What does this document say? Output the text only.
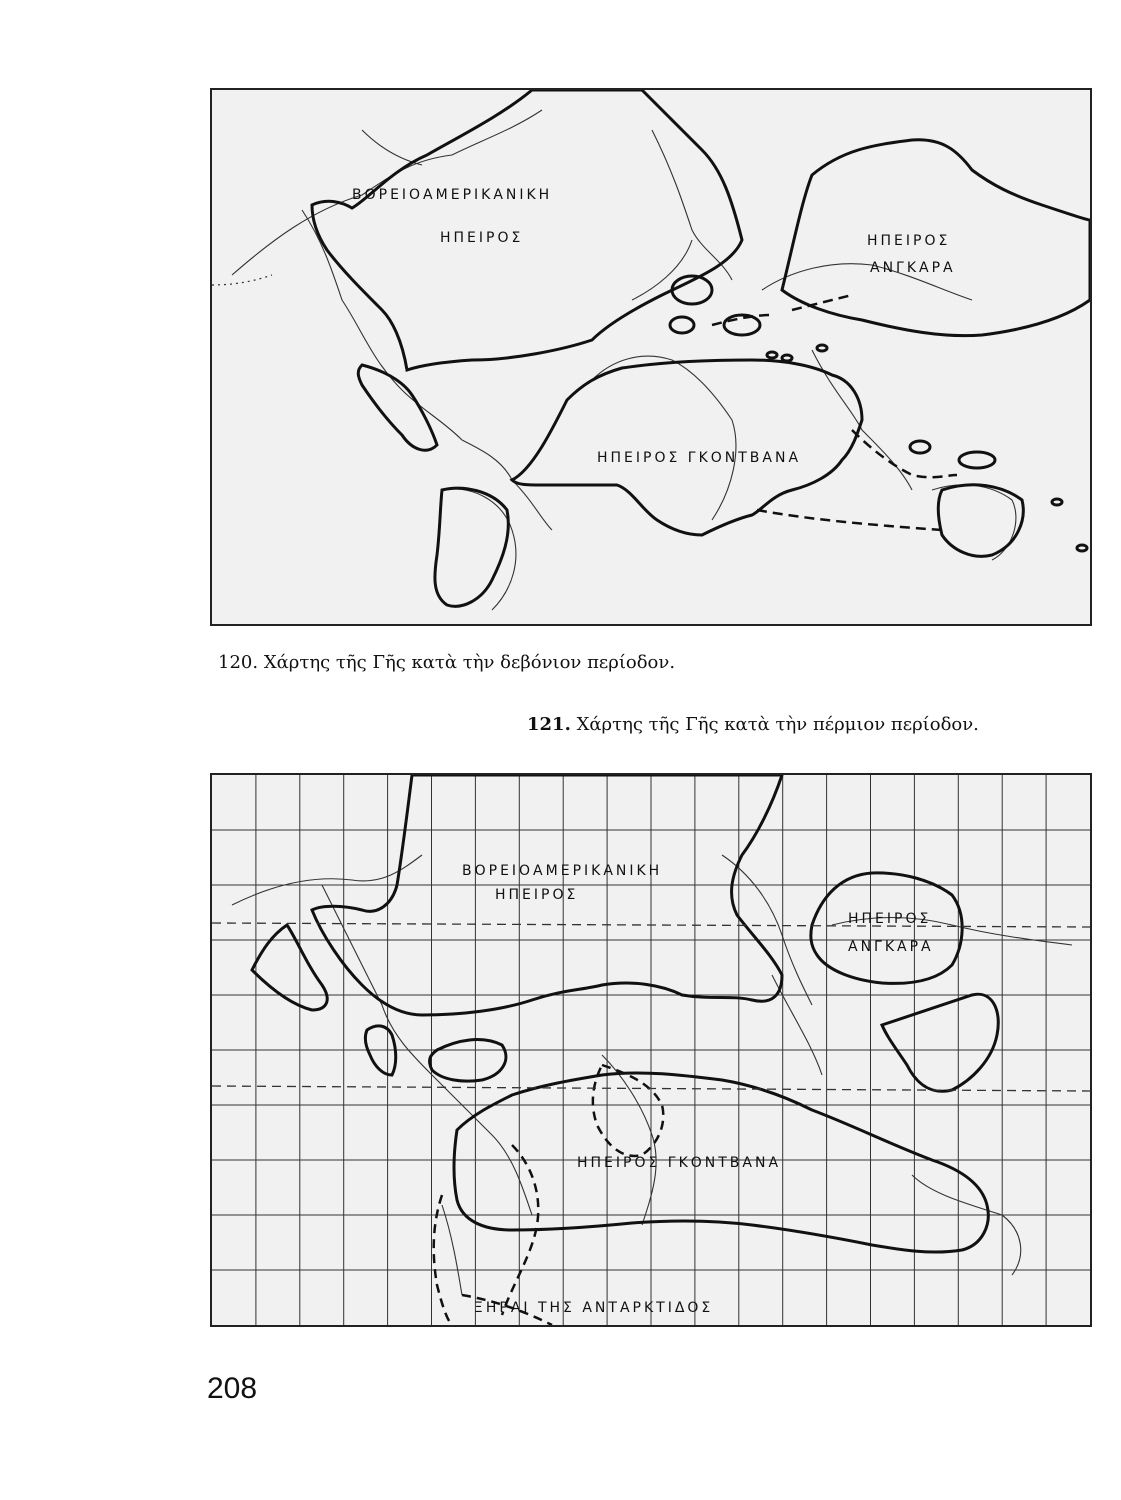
ΒΟΡΕΙΟΑΜΕΡΙΚΑΝΙΚΗ
ΗΠΕΙΡΟΣ	ΗΠΕΙΡΟΣ
ΑΝΓΚΑΡΑ
ΗΠΕΙΡΟΣ ΓΚΟΝΤΒΑΝΑ
120. Χάρτης τῆς Γῆς κατὰ τὴν δεβόνιον περίοδον.
121. Χάρτης τῆς Γῆς κατὰ τὴν πέρμιον περίοδον.
ΒΟΡΕΙΟΑΜΕΡΙΚΑΝΙΚΗ
ΗΠΕΙΡΟΣ
ΗΠΕΙΡΟΣ
ΑΝΓΚΑΡΑ
ΗΠΕΙΡΟΣ ΓΚΟΝΤΒΑΝΑ
ΞΗΡΑΙ ΤΗΣ ΑΝΤΑΡΚΤΙΔΟΣ
208
